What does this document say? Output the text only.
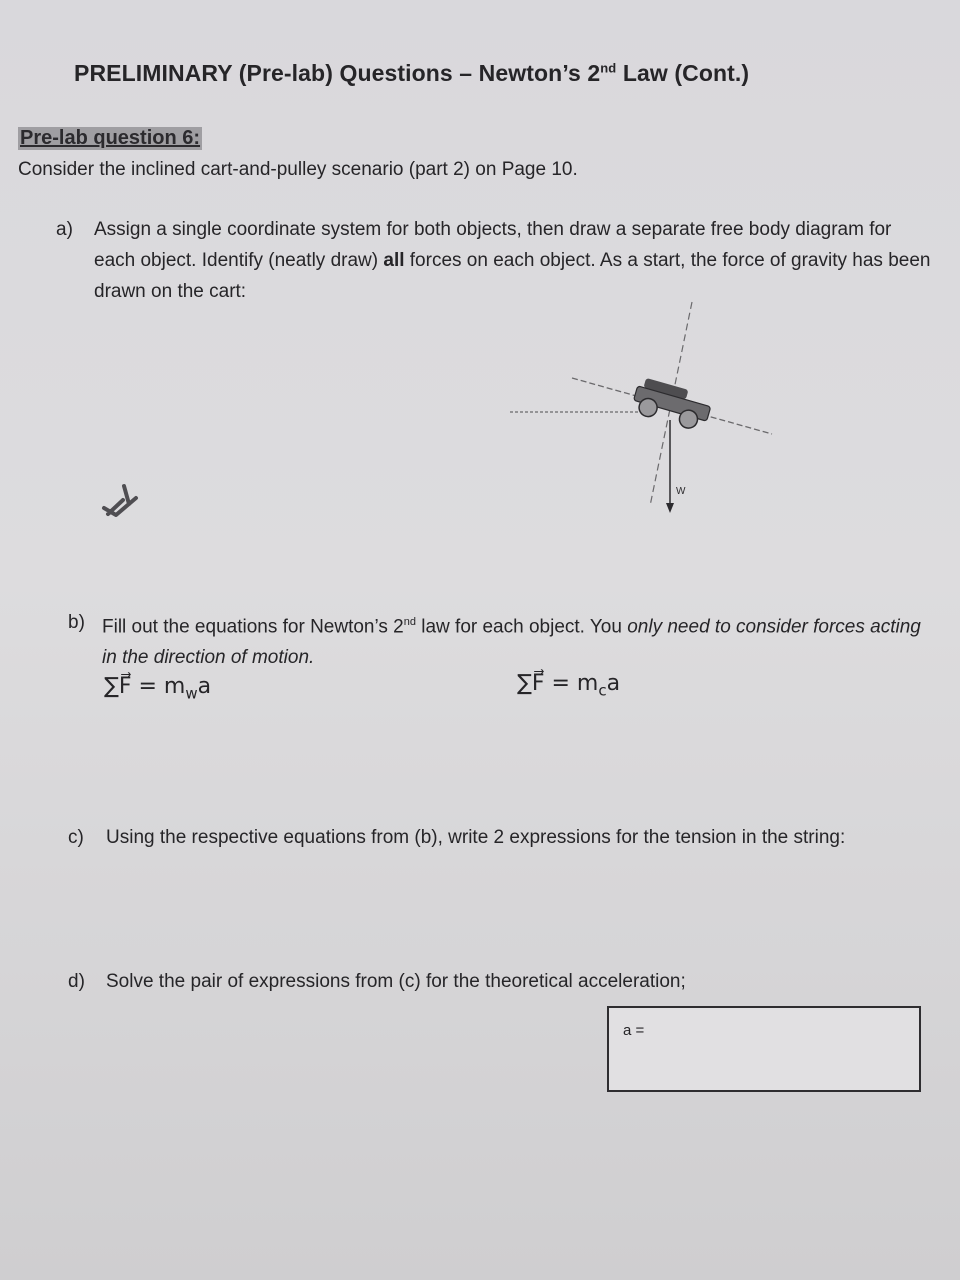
PRELIMINARY (Pre-lab) Questions – Newton’s 2nd Law (Cont.)
Pre-lab question 6:
Consider the inclined cart-and-pulley scenario (part 2) on Page 10.
a) Assign a single coordinate system for both objects, then draw a separate free body diagram for each object. Identify (neatly draw) all forces on each object. As a start, the force of gravity has been drawn on the cart:
W
b) Fill out the equations for Newton’s 2nd law for each object. You only need to consider forces acting in the direction of motion.
∑F⃗ = $m_wa$	∑F⃗ = $m_ca$
c) Using the respective equations from (b), write 2 expressions for the tension in the string:
d) Solve the pair of expressions from (c) for the theoretical acceleration;
a =
